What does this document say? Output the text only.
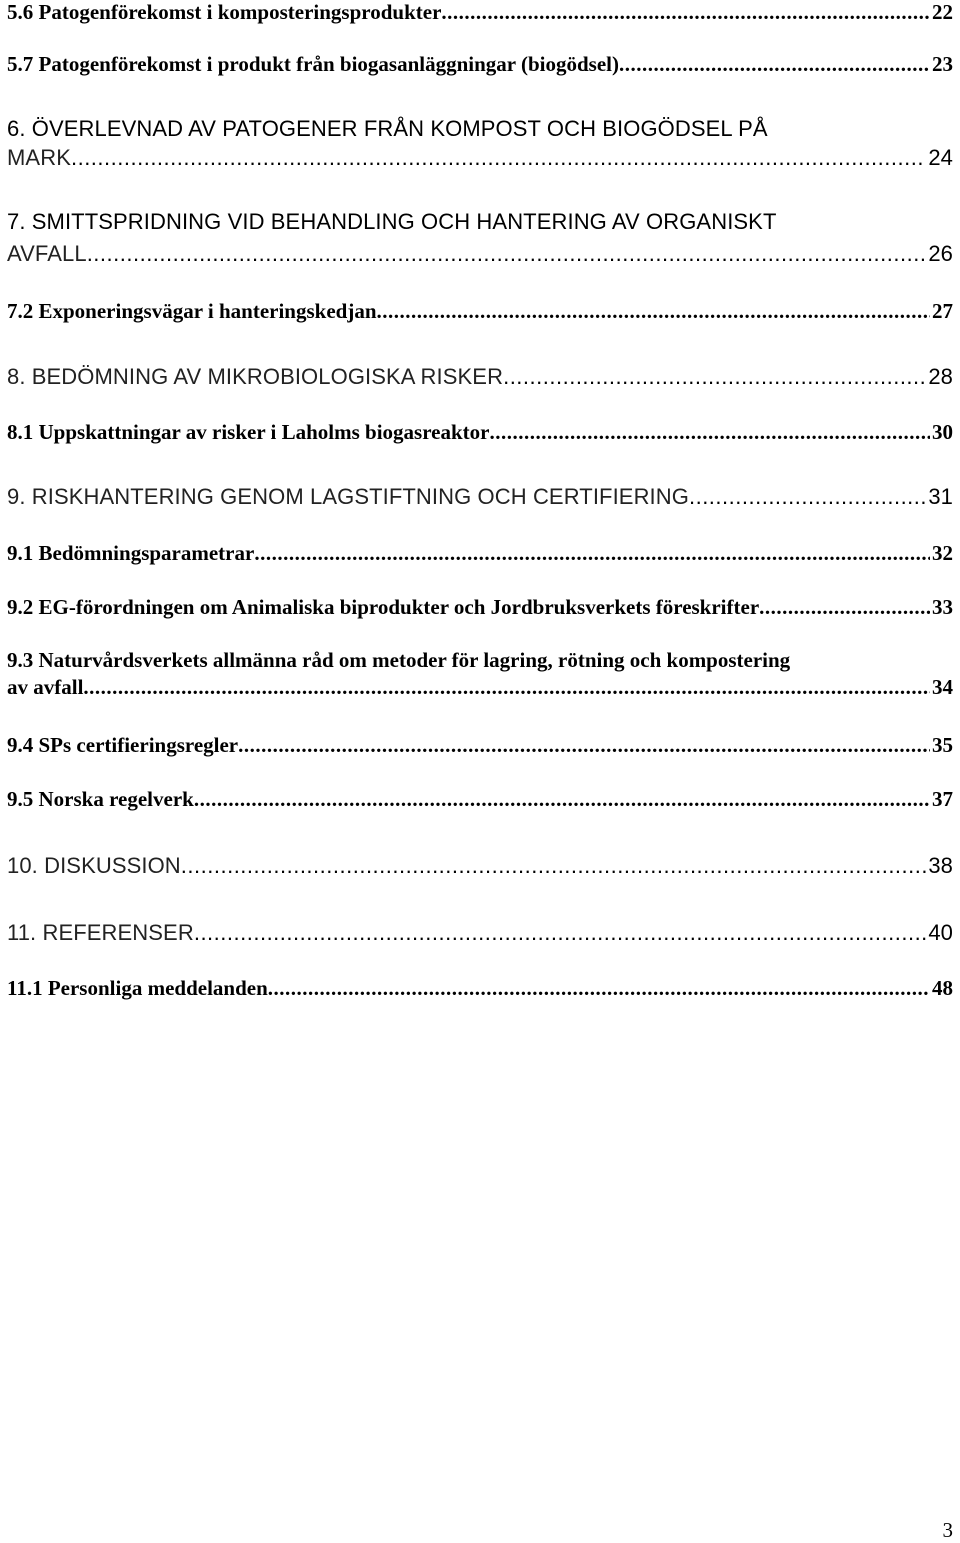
5.6 Patogenförekomst i komposteringsprodukter .....	22
5.7 Patogenförekomst i produkt från biogasanläggningar (biogödsel) .....	23
6. ÖVERLEVNAD AV PATOGENER FRÅN KOMPOST OCH BIOGÖDSEL PÅ
MARK .....	24
7. SMITTSPRIDNING VID BEHANDLING OCH HANTERING AV ORGANISKT
AVFALL .....	26
7.2 Exponeringsvägar i hanteringskedjan .....	27
8. BEDÖMNING AV MIKROBIOLOGISKA RISKER .....	28
8.1 Uppskattningar av risker i Laholms biogasreaktor .....	30
9. RISKHANTERING GENOM LAGSTIFTNING OCH CERTIFIERING .....	31
9.1 Bedömningsparametrar .....	32
9.2 EG-förordningen om Animaliska biprodukter och Jordbruksverkets föreskrifter .....	33
9.3 Naturvårdsverkets allmänna råd om metoder för lagring, rötning och kompostering
av avfall .....	34
9.4 SPs certifieringsregler .....	35
9.5 Norska regelverk .....	37
10. DISKUSSION .....	38
11. REFERENSER .....	40
11.1 Personliga meddelanden .....	48
3
